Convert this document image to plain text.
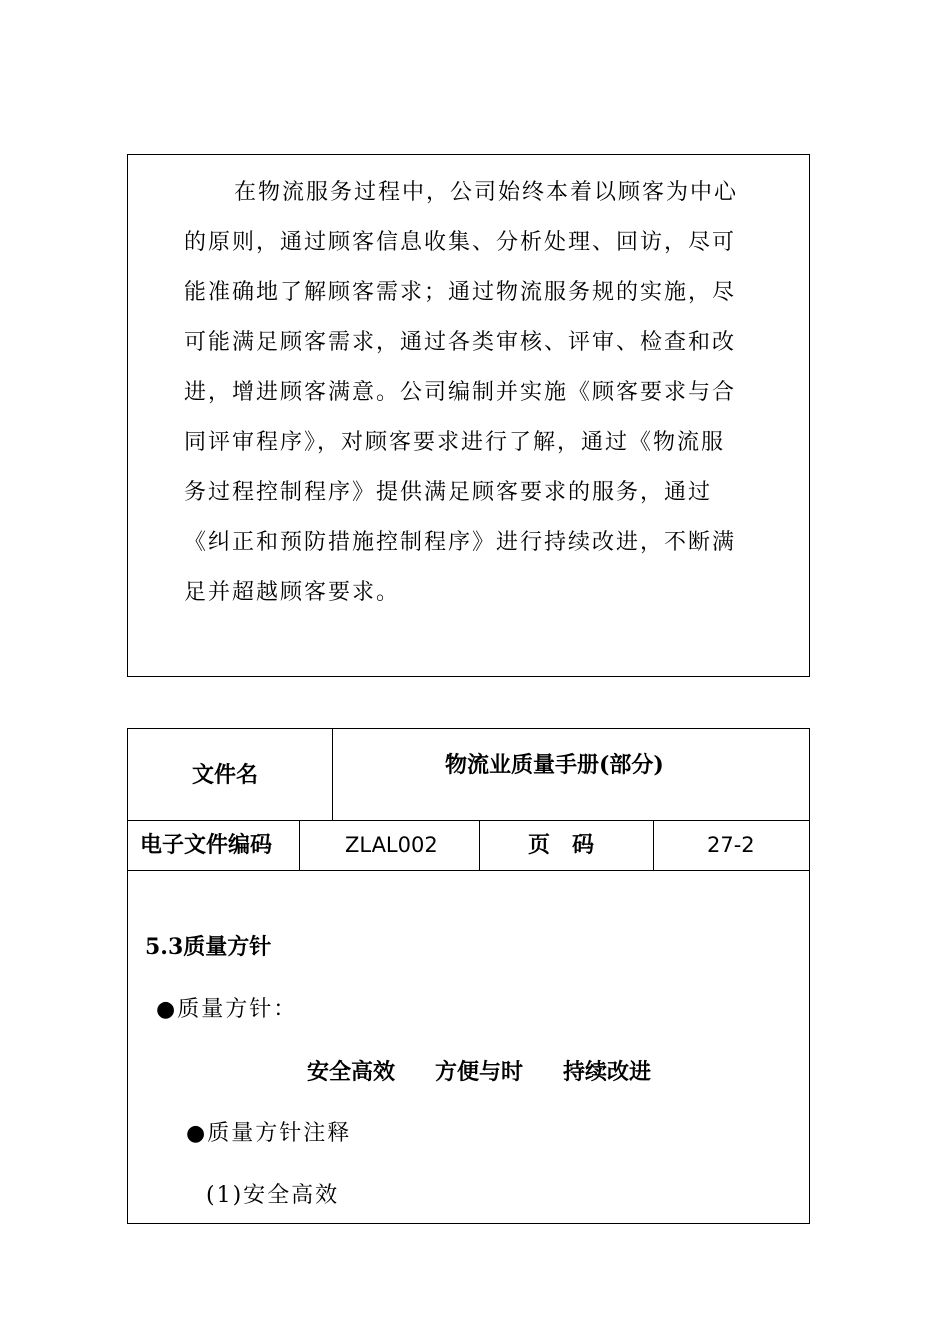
在物流服务过程中，公司始终本着以顾客为中心
的原则，通过顾客信息收集、分析处理、回访，尽可
能准确地了解顾客需求；通过物流服务规的实施，尽
可能满足顾客需求，通过各类审核、评审、检查和改
进，增进顾客满意。公司编制并实施《顾客要求与合
同评审程序》，对顾客要求进行了解，通过《物流服
务过程控制程序》提供满足顾客要求的服务，通过
《纠正和预防措施控制程序》进行持续改进，不断满
足并超越顾客要求。
文件名	物流业质量手册(部分)
电子文件编码	ZLAL002	页　码	27-2
5.3质量方针
●质量方针：
安全高效 方便与时 持续改进
●质量方针注释
(1)安全高效
